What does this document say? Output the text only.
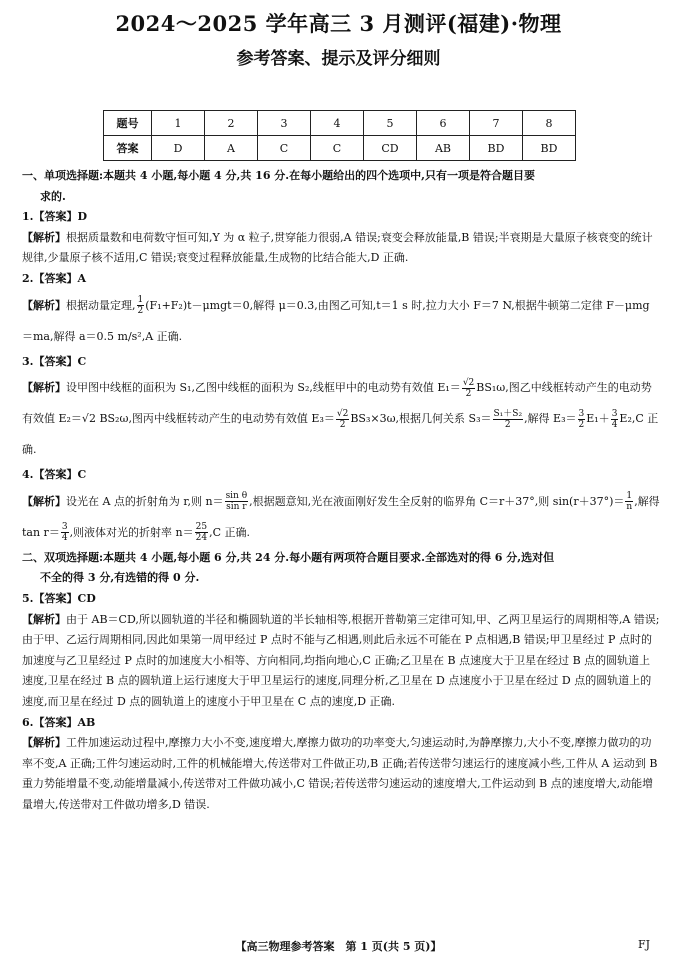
2024～2025 学年高三 3 月测评(福建)·物理
参考答案、提示及评分细则
题号	1	2	3	4	5	6	7	8
答案	D	A	C	C	CD	AB	BD	BD
一、单项选择题:本题共 4 小题,每小题 4 分,共 16 分.在每小题给出的四个选项中,只有一项是符合题目要
求的.
1.【答案】D
【解析】根据质量数和电荷数守恒可知,Y 为 α 粒子,贯穿能力很弱,A 错误;衰变会释放能量,B 错误;半衰期是大量原子核衰变的统计规律,少量原子核不适用,C 错误;衰变过程释放能量,生成物的比结合能大,D 正确.
2.【答案】A
【解析】根据动量定理, $\frac{1}{2} (F_1+F_2)t-\mu mgt=0$,解得 μ＝0.3,由图乙可知,t＝1 s 时,拉力大小 F＝7 N,根据牛顿第二定律 F－μmg＝ma,解得 a＝0.5 m/s²,A 正确.
3.【答案】C
【解析】设甲图中线框的面积为 S₁,乙图中线框的面积为 S₂,线框甲中的电动势有效值 $E_1= \frac{√2}{2} BS_1\omega$,图乙中线框转动产生的电动势有效值 E₂＝√2 BS₂ω,图丙中线框转动产生的电动势有效值 $E_3= \frac{√2}{2} BS_3\times 3\omega$,根据几何关系 $S_3= \frac{\text{S₁＋S₂}}{2}$ ,解得 $E_3= \frac{3}{2} E_1+ \frac{3}{4} E_2,C$ 正确.
4.【答案】C
【解析】设光在 A 点的折射角为 r,则 $n= \frac{\text{sin θ}}{\text{sin r}}$ ,根据题意知,光在液面刚好发生全反射的临界角 C＝r＋37°,则 $\sin(r+37^\circ)= \frac{1}{n}$ ,解得 $\tan r= \frac{3}{4}$ ,则液体对光的折射率 $n= \frac{25}{24} ,C$ 正确.
二、双项选择题:本题共 4 小题,每小题 6 分,共 24 分.每小题有两项符合题目要求.全部选对的得 6 分,选对但
不全的得 3 分,有选错的得 0 分.
5.【答案】CD
【解析】由于 AB＝CD,所以圆轨道的半径和椭圆轨道的半长轴相等,根据开普勒第三定律可知,甲、乙两卫星运行的周期相等,A 错误;由于甲、乙运行周期相同,因此如果第一周甲经过 P 点时不能与乙相遇,则此后永远不可能在 P 点相遇,B 错误;甲卫星经过 P 点时的加速度与乙卫星经过 P 点时的加速度大小相等、方向相同,均指向地心,C 正确;乙卫星在 B 点速度大于卫星在经过 B 点的圆轨道上速度,卫星在经过 B 点的圆轨道上运行速度大于甲卫星运行的速度,同理分析,乙卫星在 D 点速度小于卫星在经过 D 点的圆轨道上的速度,而卫星在经过 D 点的圆轨道上的速度小于甲卫星在 C 点的速度,D 正确.
6.【答案】AB
【解析】工件加速运动过程中,摩擦力大小不变,速度增大,摩擦力做功的功率变大,匀速运动时,为静摩擦力,大小不变,摩擦力做功的功率不变,A 正确;工件匀速运动时,工件的机械能增大,传送带对工件做正功,B 正确;若传送带匀速运行的速度减小些,工件从 A 运动到 B 重力势能增量不变,动能增量减小,传送带对工件做功减小,C 错误;若传送带匀速运动的速度增大,工件运动到 B 点的速度增大,动能增量增大,传送带对工件做功增多,D 错误.
【高三物理参考答案　第 1 页(共 5 页)】	FJ
